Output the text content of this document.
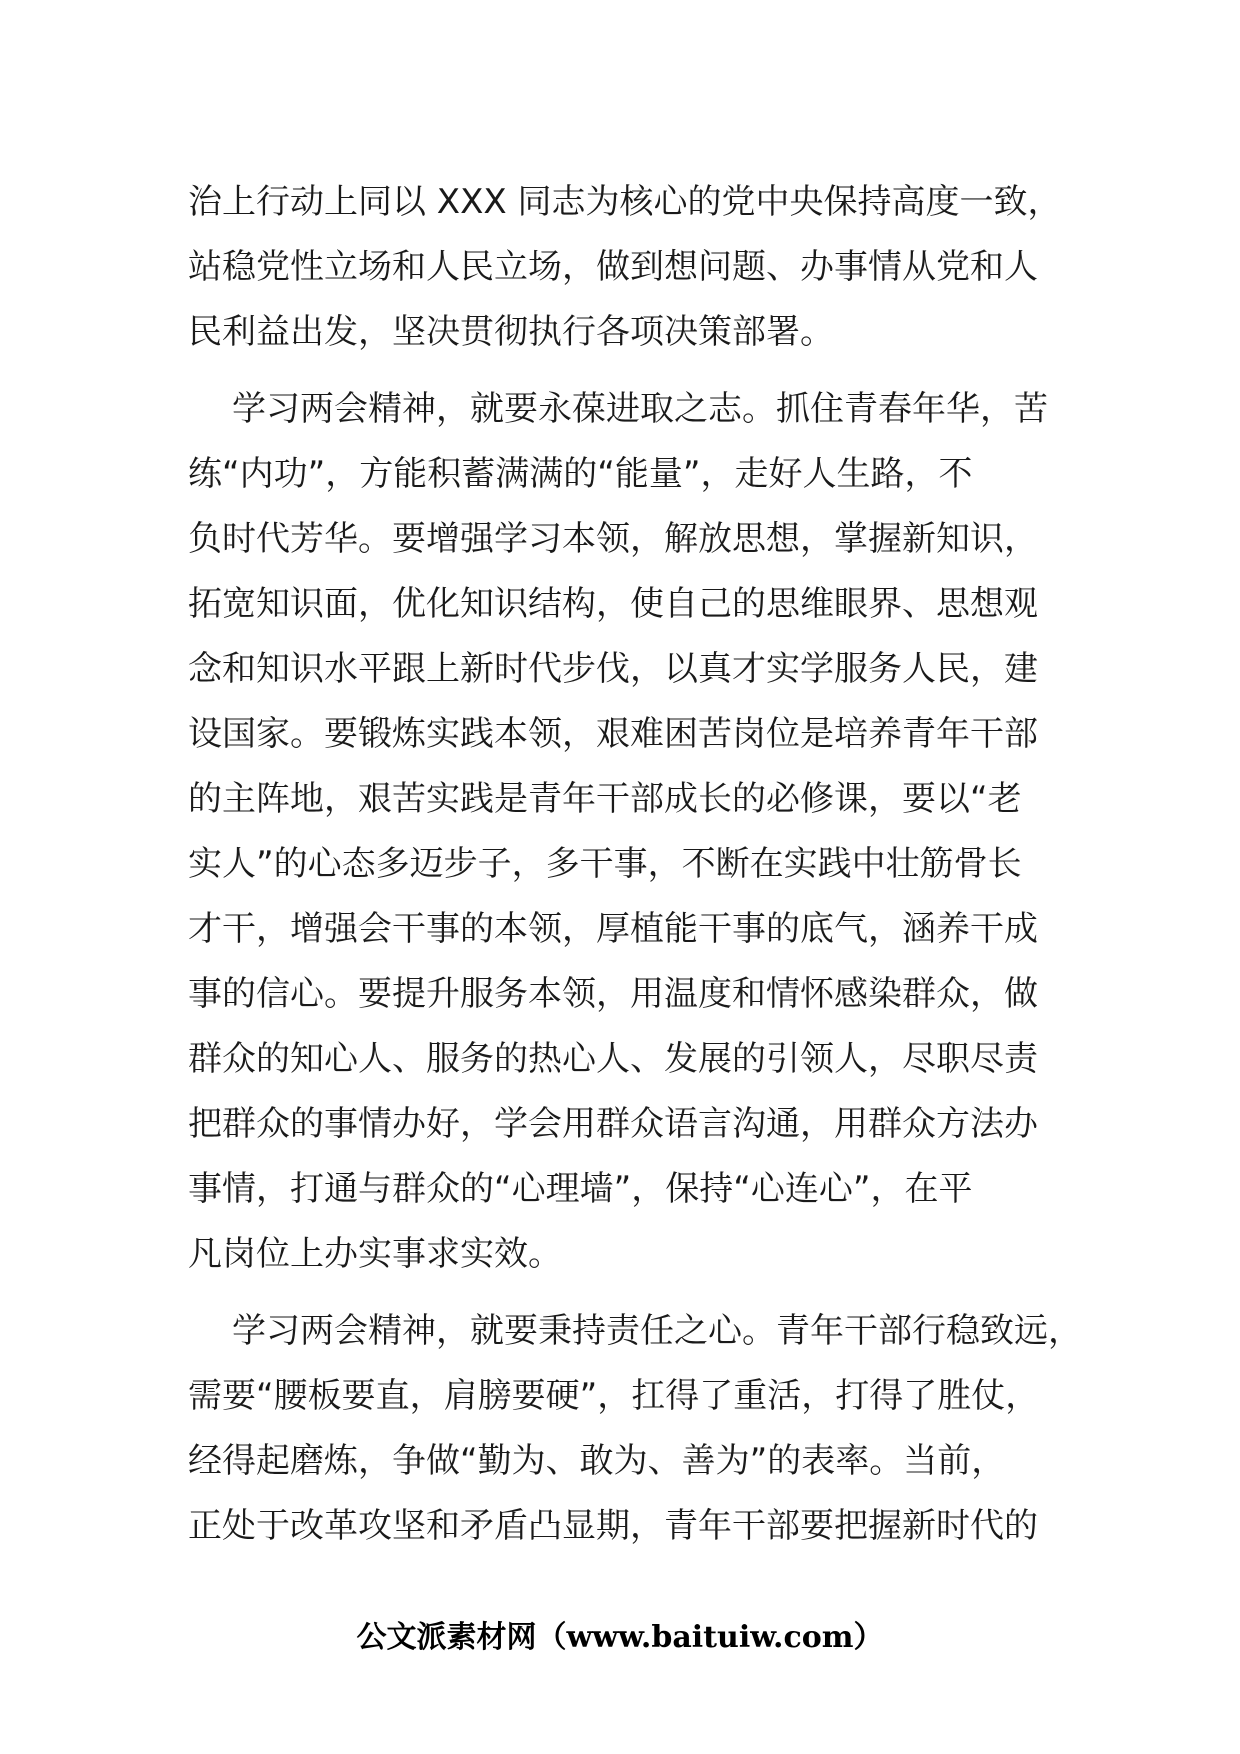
治上行动上同以 XXX 同志为核心的党中央保持高度一致，
站稳党性立场和人民立场，做到想问题、办事情从党和人
民利益出发，坚决贯彻执行各项决策部署。

学习两会精神，就要永葆进取之志。抓住青春年华，苦
练“内功”，方能积蓄满满的“能量”，走好人生路，不
负时代芳华。要增强学习本领，解放思想，掌握新知识，
拓宽知识面，优化知识结构，使自己的思维眼界、思想观
念和知识水平跟上新时代步伐，以真才实学服务人民，建
设国家。要锻炼实践本领，艰难困苦岗位是培养青年干部
的主阵地，艰苦实践是青年干部成长的必修课，要以“老
实人”的心态多迈步子，多干事，不断在实践中壮筋骨长
才干，增强会干事的本领，厚植能干事的底气，涵养干成
事的信心。要提升服务本领，用温度和情怀感染群众，做
群众的知心人、服务的热心人、发展的引领人，尽职尽责
把群众的事情办好，学会用群众语言沟通，用群众方法办
事情，打通与群众的“心理墙”，保持“心连心”，在平
凡岗位上办实事求实效。

学习两会精神，就要秉持责任之心。青年干部行稳致远，
需要“腰板要直，肩膀要硬”，扛得了重活，打得了胜仗，
经得起磨炼，争做“勤为、敢为、善为”的表率。当前，
正处于改革攻坚和矛盾凸显期，青年干部要把握新时代的

公文派素材网（www.baituiw.com）
